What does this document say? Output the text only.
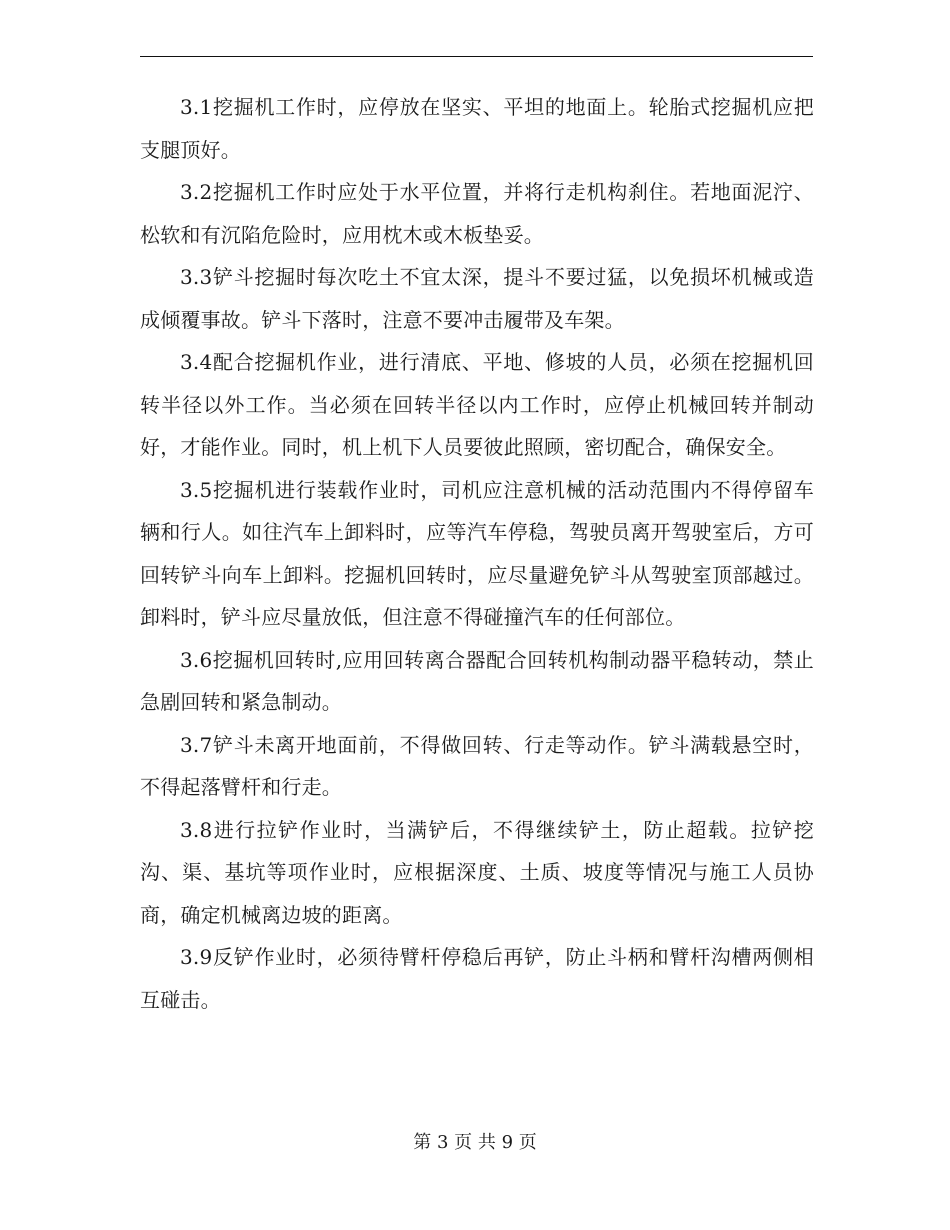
3.1挖掘机工作时，应停放在坚实、平坦的地面上。轮胎式挖掘机应把支腿顶好。

3.2挖掘机工作时应处于水平位置，并将行走机构刹住。若地面泥泞、松软和有沉陷危险时，应用枕木或木板垫妥。

3.3铲斗挖掘时每次吃土不宜太深，提斗不要过猛，以免损坏机械或造成倾覆事故。铲斗下落时，注意不要冲击履带及车架。

3.4配合挖掘机作业，进行清底、平地、修坡的人员，必须在挖掘机回转半径以外工作。当必须在回转半径以内工作时，应停止机械回转并制动好，才能作业。同时，机上机下人员要彼此照顾，密切配合，确保安全。

3.5挖掘机进行装载作业时，司机应注意机械的活动范围内不得停留车辆和行人。如往汽车上卸料时，应等汽车停稳，驾驶员离开驾驶室后，方可回转铲斗向车上卸料。挖掘机回转时，应尽量避免铲斗从驾驶室顶部越过。卸料时，铲斗应尽量放低，但注意不得碰撞汽车的任何部位。

3.6挖掘机回转时,应用回转离合器配合回转机构制动器平稳转动，禁止急剧回转和紧急制动。

3.7铲斗未离开地面前，不得做回转、行走等动作。铲斗满载悬空时，不得起落臂杆和行走。

3.8进行拉铲作业时，当满铲后，不得继续铲土，防止超载。拉铲挖沟、渠、基坑等项作业时，应根据深度、土质、坡度等情况与施工人员协商，确定机械离边坡的距离。

3.9反铲作业时，必须待臂杆停稳后再铲，防止斗柄和臂杆沟槽两侧相互碰击。

第 3 页 共 9 页
